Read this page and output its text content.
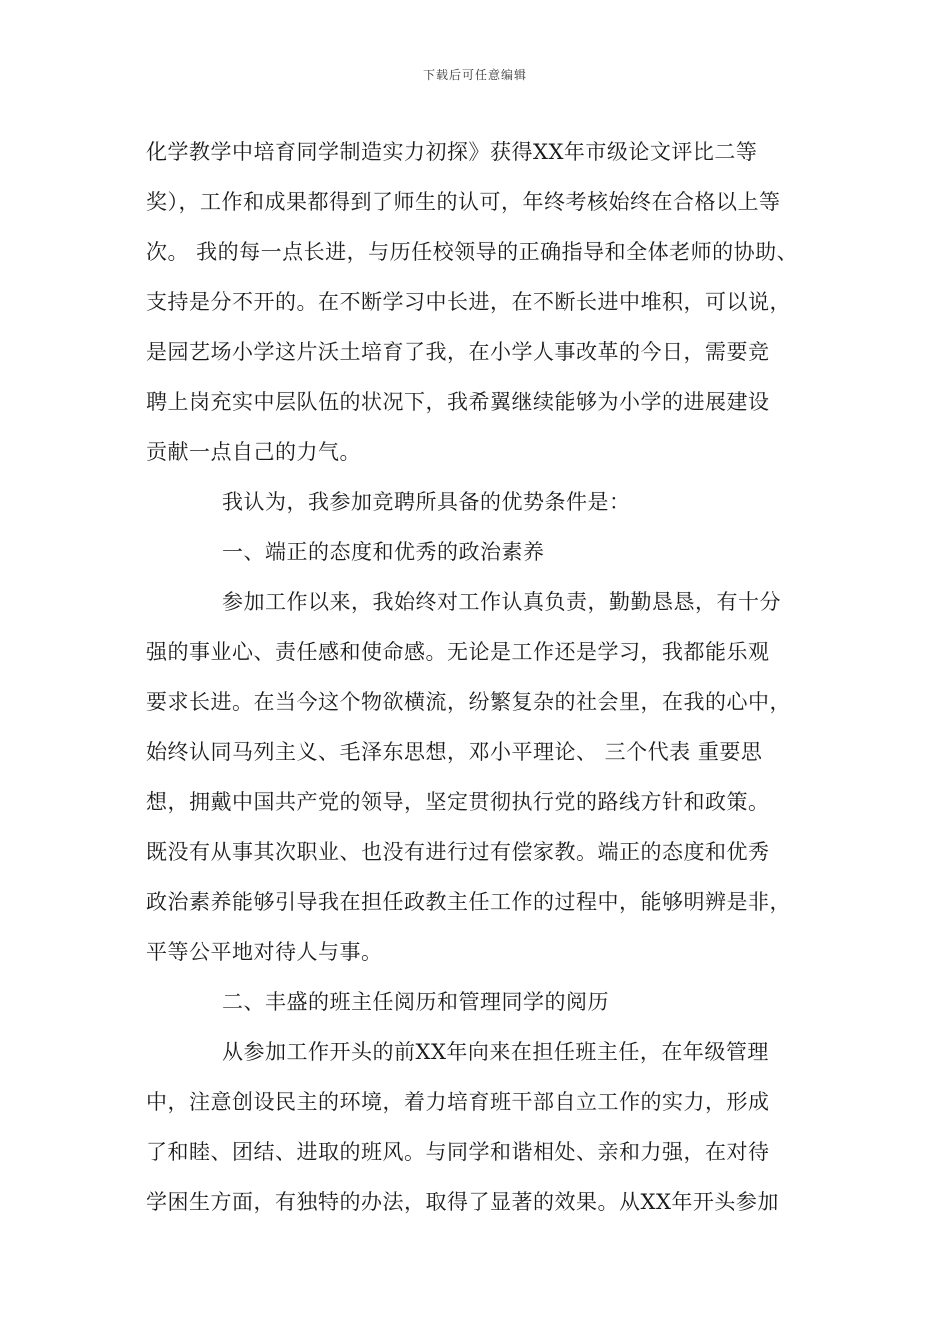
下载后可任意编辑
化学教学中培育同学制造实力初探》获得XX年市级论文评比二等
奖），工作和成果都得到了师生的认可，年终考核始终在合格以上等
次。 我的每一点长进，与历任校领导的正确指导和全体老师的协助、
支持是分不开的。在不断学习中长进，在不断长进中堆积，可以说，
是园艺场小学这片沃土培育了我，在小学人事改革的今日，需要竞
聘上岗充实中层队伍的状况下，我希翼继续能够为小学的进展建设
贡献一点自己的力气。
我认为，我参加竞聘所具备的优势条件是：
一、端正的态度和优秀的政治素养
参加工作以来，我始终对工作认真负责，勤勤恳恳，有十分
强的事业心、责任感和使命感。无论是工作还是学习，我都能乐观
要求长进。在当今这个物欲横流，纷繁复杂的社会里，在我的心中，
始终认同马列主义、毛泽东思想，邓小平理论、 三个代表 重要思
想，拥戴中国共产党的领导，坚定贯彻执行党的路线方针和政策。
既没有从事其次职业、也没有进行过有偿家教。端正的态度和优秀
政治素养能够引导我在担任政教主任工作的过程中，能够明辨是非，
平等公平地对待人与事。
二、丰盛的班主任阅历和管理同学的阅历
从参加工作开头的前XX年向来在担任班主任，在年级管理
中，注意创设民主的环境，着力培育班干部自立工作的实力，形成
了和睦、团结、进取的班风。与同学和谐相处、亲和力强，在对待
学困生方面，有独特的办法，取得了显著的效果。从XX年开头参加
